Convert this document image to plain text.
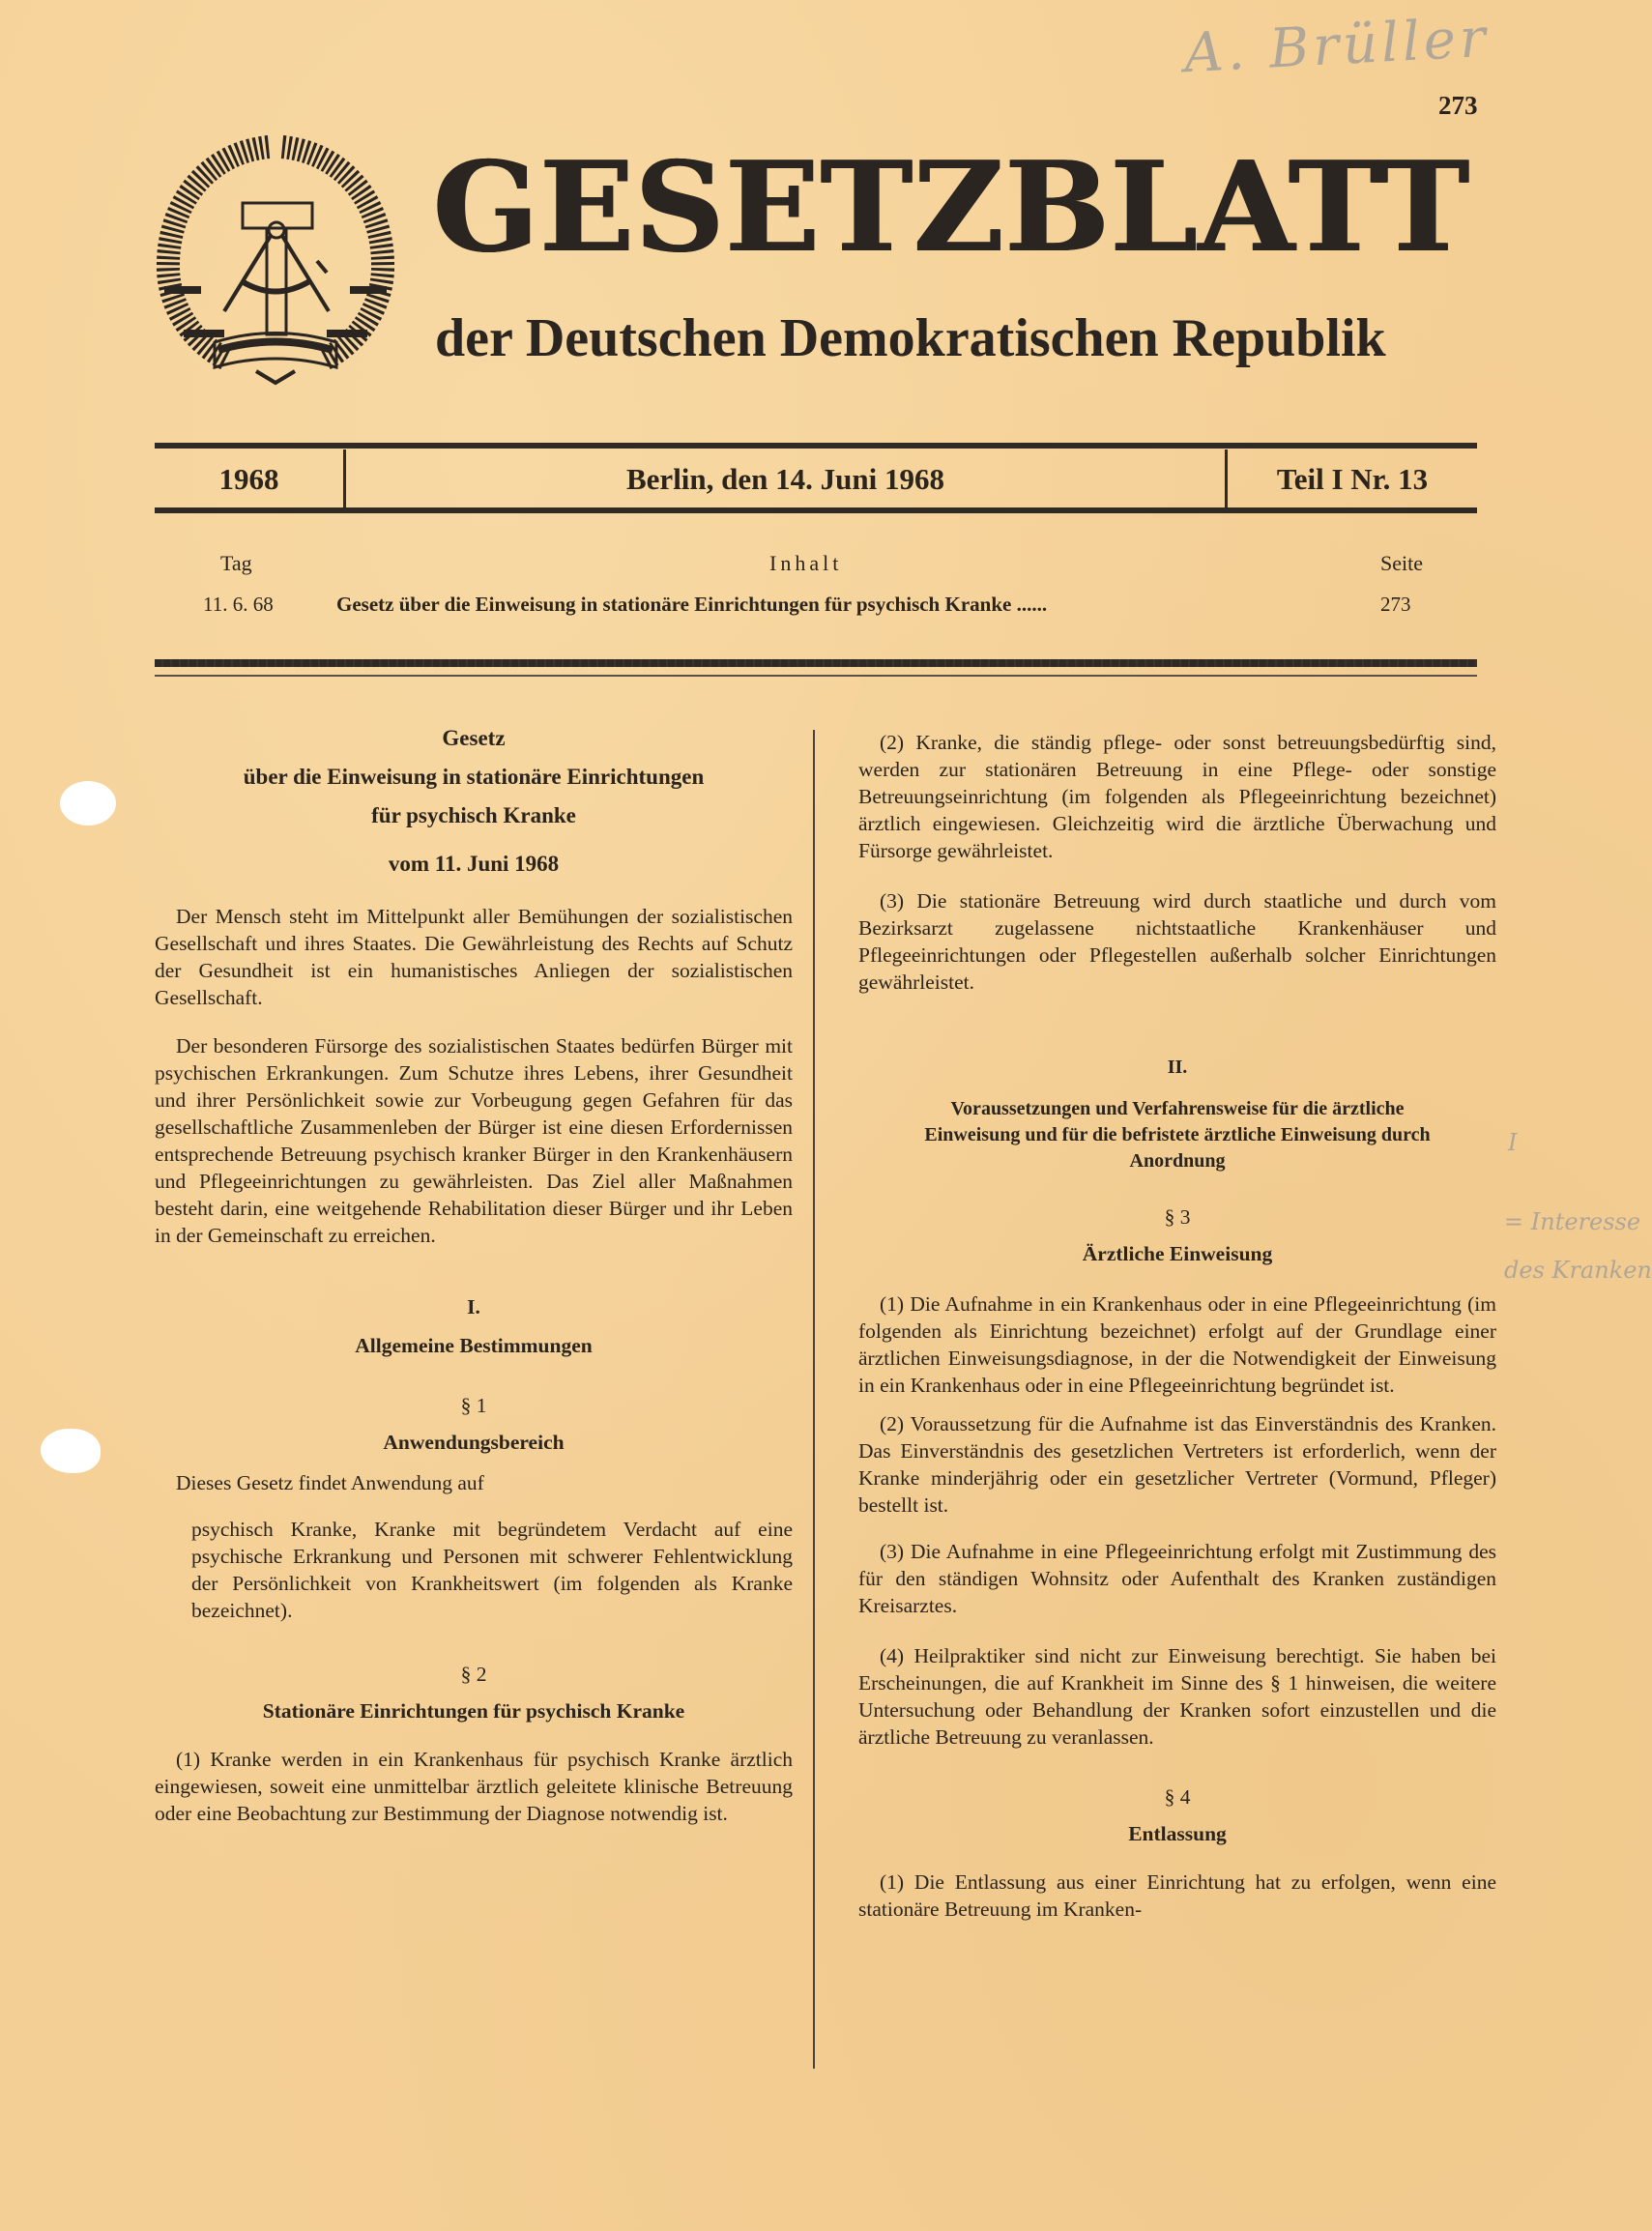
A. Brüller
I
= Interesse
des Kranken
273
GESETZBLATT
der Deutschen Demokratischen Republik
1968	Berlin, den 14. Juni 1968	Teil I Nr. 13
Tag	Inhalt	Seite
11. 6. 68	Gesetz über die Einweisung in stationäre Einrichtungen für psychisch Kranke ......	273
Gesetz
über die Einweisung in stationäre Einrichtungen
für psychisch Kranke
vom 11. Juni 1968

Der Mensch steht im Mittelpunkt aller Bemühungen der sozialistischen Gesellschaft und ihres Staates. Die Gewährleistung des Rechts auf Schutz der Gesundheit ist ein humanistisches Anliegen der sozialistischen Gesellschaft.

Der besonderen Fürsorge des sozialistischen Staates bedürfen Bürger mit psychischen Erkrankungen. Zum Schutze ihres Lebens, ihrer Gesundheit und ihrer Persönlichkeit sowie zur Vorbeugung gegen Gefahren für das gesellschaftliche Zusammenleben der Bürger ist eine diesen Erfordernissen entsprechende Betreuung psychisch kranker Bürger in den Krankenhäusern und Pflegeeinrichtungen zu gewährleisten. Das Ziel aller Maßnahmen besteht darin, eine weitgehende Rehabilitation dieser Bürger und ihr Leben in der Gemeinschaft zu erreichen.

I.
Allgemeine Bestimmungen
§ 1
Anwendungsbereich

Dieses Gesetz findet Anwendung auf

psychisch Kranke, Kranke mit begründetem Verdacht auf eine psychische Erkrankung und Personen mit schwerer Fehlentwicklung der Persönlichkeit von Krankheitswert (im folgenden als Kranke bezeichnet).

§ 2
Stationäre Einrichtungen für psychisch Kranke

(1) Kranke werden in ein Krankenhaus für psychisch Kranke ärztlich eingewiesen, soweit eine unmittelbar ärztlich geleitete klinische Betreuung oder eine Beobachtung zur Bestimmung der Diagnose notwendig ist.

(2) Kranke, die ständig pflege- oder sonst betreuungsbedürftig sind, werden zur stationären Betreuung in eine Pflege- oder sonstige Betreuungseinrichtung (im folgenden als Pflegeeinrichtung bezeichnet) ärztlich eingewiesen. Gleichzeitig wird die ärztliche Überwachung und Fürsorge gewährleistet.

(3) Die stationäre Betreuung wird durch staatliche und durch vom Bezirksarzt zugelassene nichtstaatliche Krankenhäuser und Pflegeeinrichtungen oder Pflegestellen außerhalb solcher Einrichtungen gewährleistet.

II.
Voraussetzungen und Verfahrensweise für die ärztliche Einweisung und für die befristete ärztliche Einweisung durch Anordnung
§ 3
Ärztliche Einweisung

(1) Die Aufnahme in ein Krankenhaus oder in eine Pflegeeinrichtung (im folgenden als Einrichtung bezeichnet) erfolgt auf der Grundlage einer ärztlichen Einweisungsdiagnose, in der die Notwendigkeit der Einweisung in ein Krankenhaus oder in eine Pflegeeinrichtung begründet ist.

(2) Voraussetzung für die Aufnahme ist das Einverständnis des Kranken. Das Einverständnis des gesetzlichen Vertreters ist erforderlich, wenn der Kranke minderjährig oder ein gesetzlicher Vertreter (Vormund, Pfleger) bestellt ist.

(3) Die Aufnahme in eine Pflegeeinrichtung erfolgt mit Zustimmung des für den ständigen Wohnsitz oder Aufenthalt des Kranken zuständigen Kreisarztes.

(4) Heilpraktiker sind nicht zur Einweisung berechtigt. Sie haben bei Erscheinungen, die auf Krankheit im Sinne des § 1 hinweisen, die weitere Untersuchung oder Behandlung der Kranken sofort einzustellen und die ärztliche Betreuung zu veranlassen.

§ 4
Entlassung

(1) Die Entlassung aus einer Einrichtung hat zu erfolgen, wenn eine stationäre Betreuung im Kranken-
